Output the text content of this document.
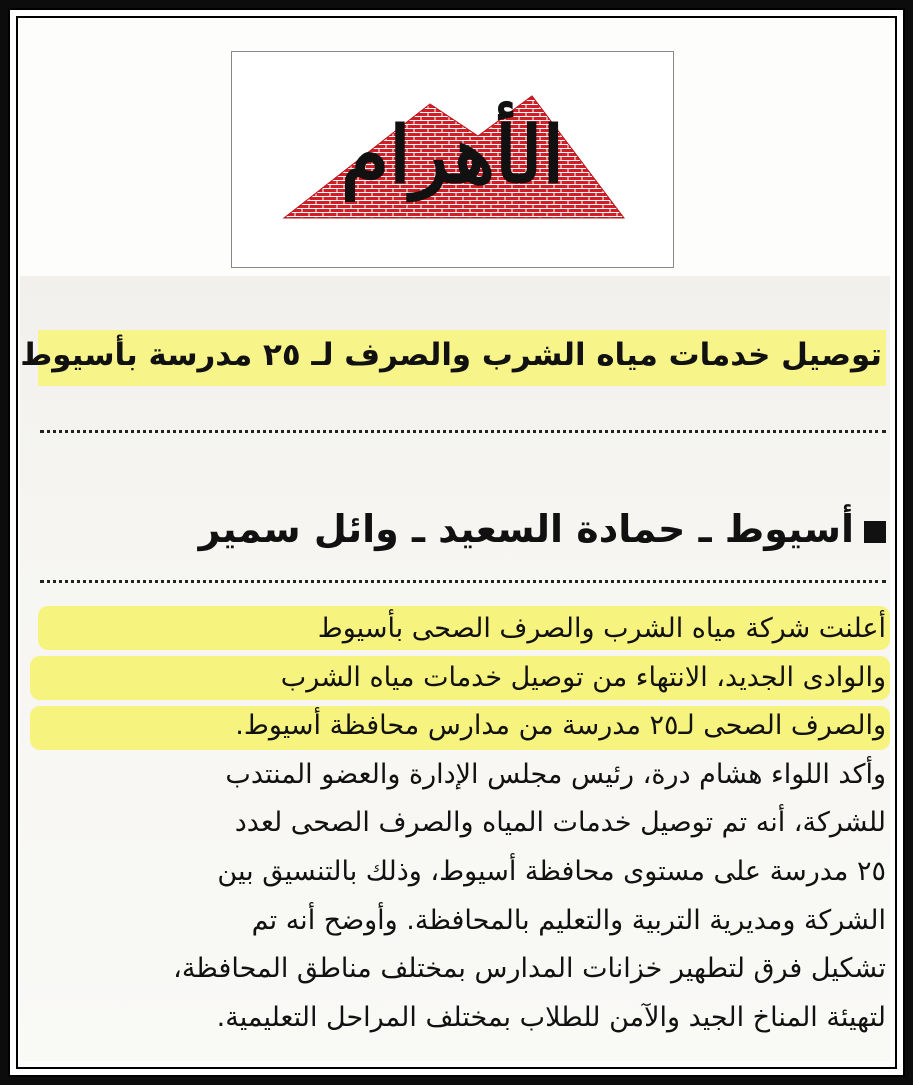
الأهرام
توصيل خدمات مياه الشرب والصرف لـ ٢٥ مدرسة بأسيوط
أسيوط ـ حمادة السعيد ـ وائل سمير
أعلنت شركة مياه الشرب والصرف الصحى بأسيوط
والوادى الجديد، الانتهاء من توصيل خدمات مياه الشرب
والصرف الصحى لـ٢٥ مدرسة من مدارس محافظة أسيوط.
وأكد اللواء هشام درة، رئيس مجلس الإدارة والعضو المنتدب
للشركة، أنه تم توصيل خدمات المياه والصرف الصحى لعدد
٢٥ مدرسة على مستوى محافظة أسيوط، وذلك بالتنسيق بين
الشركة ومديرية التربية والتعليم بالمحافظة. وأوضح أنه تم
تشكيل فرق لتطهير خزانات المدارس بمختلف مناطق المحافظة،
لتهيئة المناخ الجيد والآمن للطلاب بمختلف المراحل التعليمية.
